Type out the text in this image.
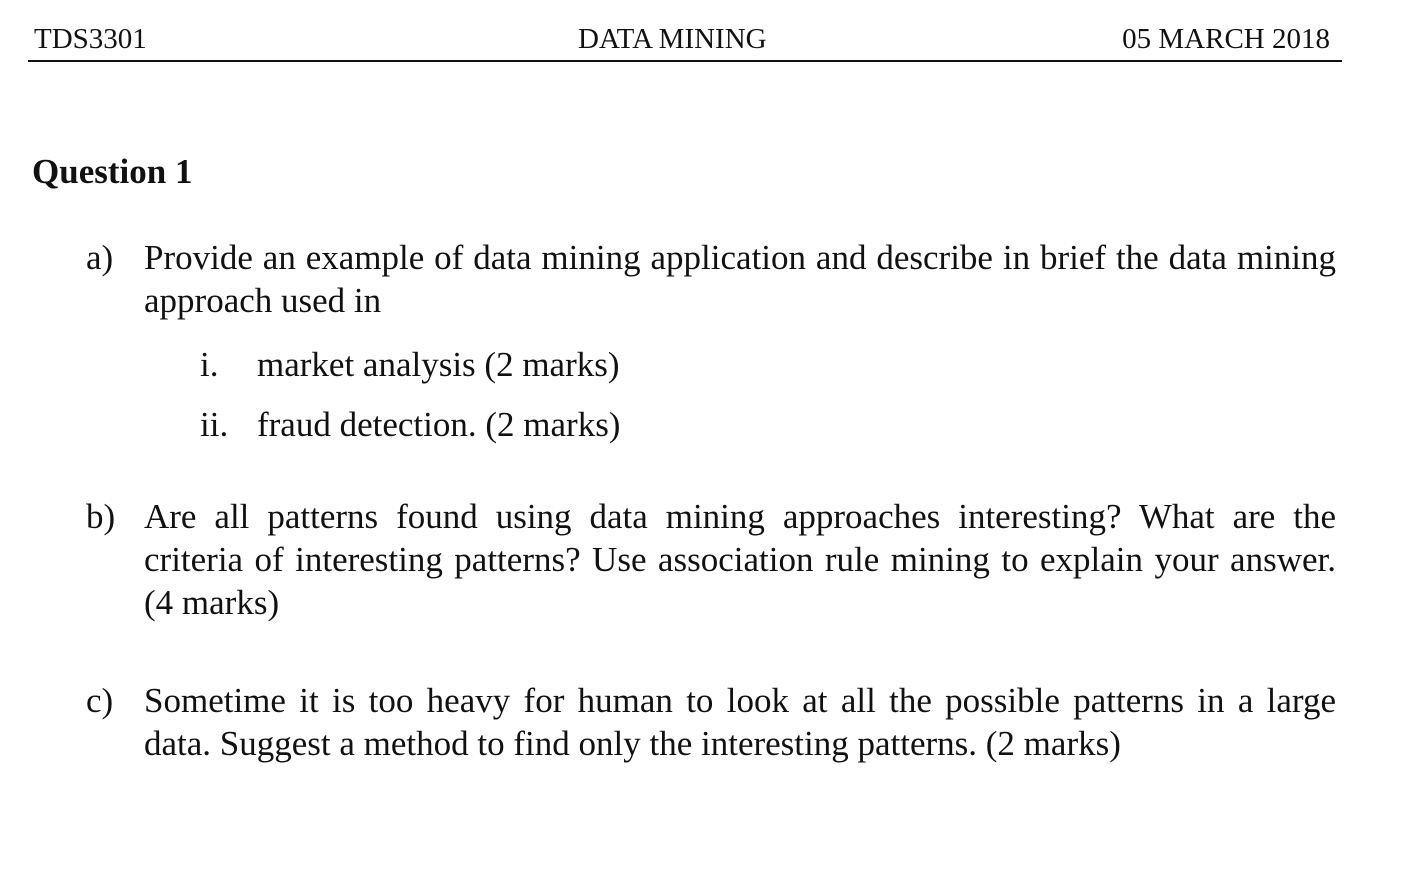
TDS3301	DATA MINING	05 MARCH 2018
Question 1
a) Provide an example of data mining application and describe in brief the data mining approach used in
i. market analysis (2 marks)
ii. fraud detection. (2 marks)
b) Are all patterns found using data mining approaches interesting? What are the criteria of interesting patterns? Use association rule mining to explain your answer. (4 marks)
c) Sometime it is too heavy for human to look at all the possible patterns in a large data. Suggest a method to find only the interesting patterns. (2 marks)
